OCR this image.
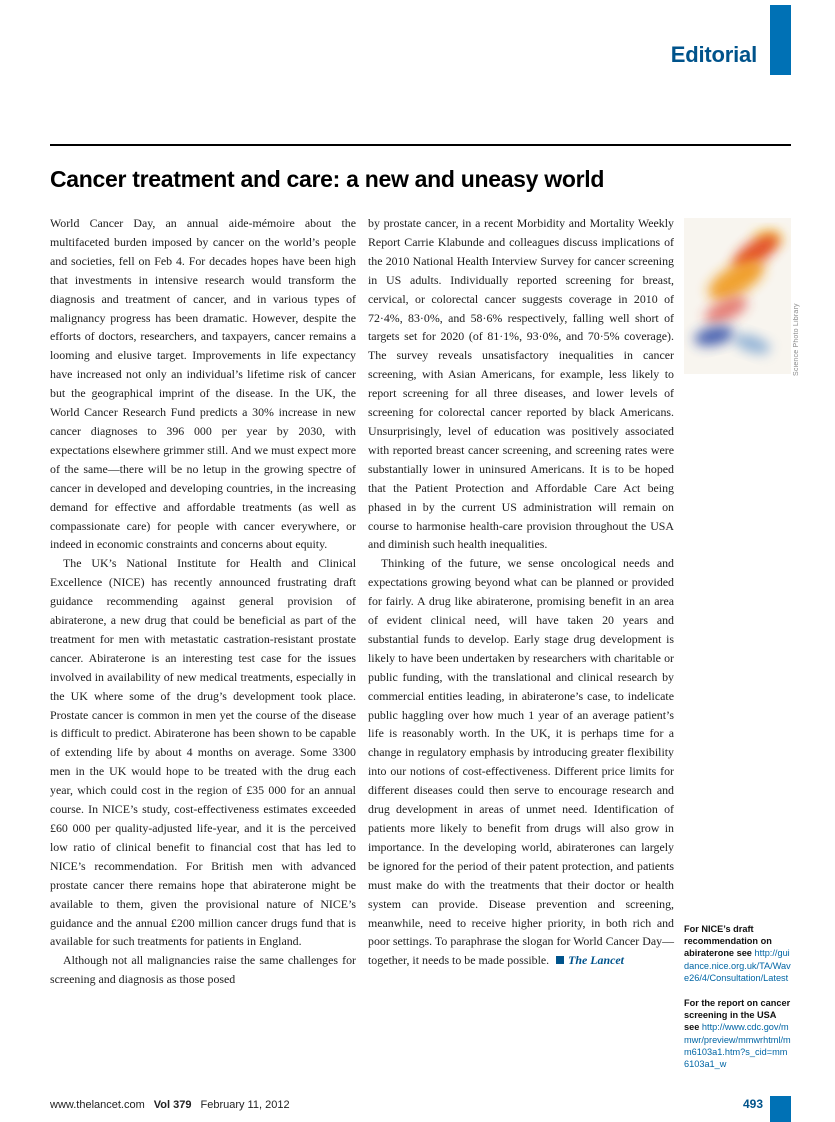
Editorial
Cancer treatment and care: a new and uneasy world

World Cancer Day, an annual aide-mémoire about the multifaceted burden imposed by cancer on the world’s people and societies, fell on Feb 4. For decades hopes have been high that investments in intensive research would transform the diagnosis and treatment of cancer, and in various types of malignancy progress has been dramatic. However, despite the efforts of doctors, researchers, and taxpayers, cancer remains a looming and elusive target. Improvements in life expectancy have increased not only an individual’s lifetime risk of cancer but the geographical imprint of the disease. In the UK, the World Cancer Research Fund predicts a 30% increase in new cancer diagnoses to 396 000 per year by 2030, with expectations elsewhere grimmer still. And we must expect more of the same—there will be no letup in the growing spectre of cancer in developed and developing countries, in the increasing demand for effective and affordable treatments (as well as compassionate care) for people with cancer everywhere, or indeed in economic constraints and concerns about equity.

The UK’s National Institute for Health and Clinical Excellence (NICE) has recently announced frustrating draft guidance recommending against general provision of abiraterone, a new drug that could be beneficial as part of the treatment for men with metastatic castration-resistant prostate cancer. Abiraterone is an interesting test case for the issues involved in availability of new medical treatments, especially in the UK where some of the drug’s development took place. Prostate cancer is common in men yet the course of the disease is difficult to predict. Abiraterone has been shown to be capable of extending life by about 4 months on average. Some 3300 men in the UK would hope to be treated with the drug each year, which could cost in the region of £35 000 for an annual course. In NICE’s study, cost-effectiveness estimates exceeded £60 000 per quality-adjusted life-year, and it is the perceived low ratio of clinical benefit to financial cost that has led to NICE’s recommendation. For British men with advanced prostate cancer there remains hope that abiraterone might be available to them, given the provisional nature of NICE’s guidance and the annual £200 million cancer drugs fund that is available for such treatments for patients in England.

Although not all malignancies raise the same challenges for screening and diagnosis as those posed

by prostate cancer, in a recent Morbidity and Mortality Weekly Report Carrie Klabunde and colleagues discuss implications of the 2010 National Health Interview Survey for cancer screening in US adults. Individually reported screening for breast, cervical, or colorectal cancer suggests coverage in 2010 of 72·4%, 83·0%, and 58·6% respectively, falling well short of targets set for 2020 (of 81·1%, 93·0%, and 70·5% coverage). The survey reveals unsatisfactory inequalities in cancer screening, with Asian Americans, for example, less likely to report screening for all three diseases, and lower levels of screening for colorectal cancer reported by black Americans. Unsurprisingly, level of education was positively associated with reported breast cancer screening, and screening rates were substantially lower in uninsured Americans. It is to be hoped that the Patient Protection and Affordable Care Act being phased in by the current US administration will remain on course to harmonise health-care provision throughout the USA and diminish such health inequalities.

Thinking of the future, we sense oncological needs and expectations growing beyond what can be planned or provided for fairly. A drug like abiraterone, promising benefit in an area of evident clinical need, will have taken 20 years and substantial funds to develop. Early stage drug development is likely to have been undertaken by researchers with charitable or public funding, with the translational and clinical research by commercial entities leading, in abiraterone’s case, to indelicate public haggling over how much 1 year of an average patient’s life is reasonably worth. In the UK, it is perhaps time for a change in regulatory emphasis by introducing greater flexibility into our notions of cost-effectiveness. Different price limits for different diseases could then serve to encourage research and drug development in areas of unmet need. Identification of patients more likely to benefit from drugs will also grow in importance. In the developing world, abiraterones can largely be ignored for the period of their patent protection, and patients must make do with the treatments that their doctor or health system can provide. Disease prevention and screening, meanwhile, need to receive higher priority, in both rich and poor settings. To paraphrase the slogan for World Cancer Day—together, it needs to be made possible. The Lancet

Science Photo Library

For NICE’s draft recommendation on abiraterone see http://guidance.nice.org.uk/TA/Wave26/4/Consultation/Latest

For the report on cancer screening in the USA see http://www.cdc.gov/mmwr/preview/mmwrhtml/mm6103a1.htm?s_cid=mm6103a1_w

www.thelancet.com Vol 379 February 11, 2012	493
